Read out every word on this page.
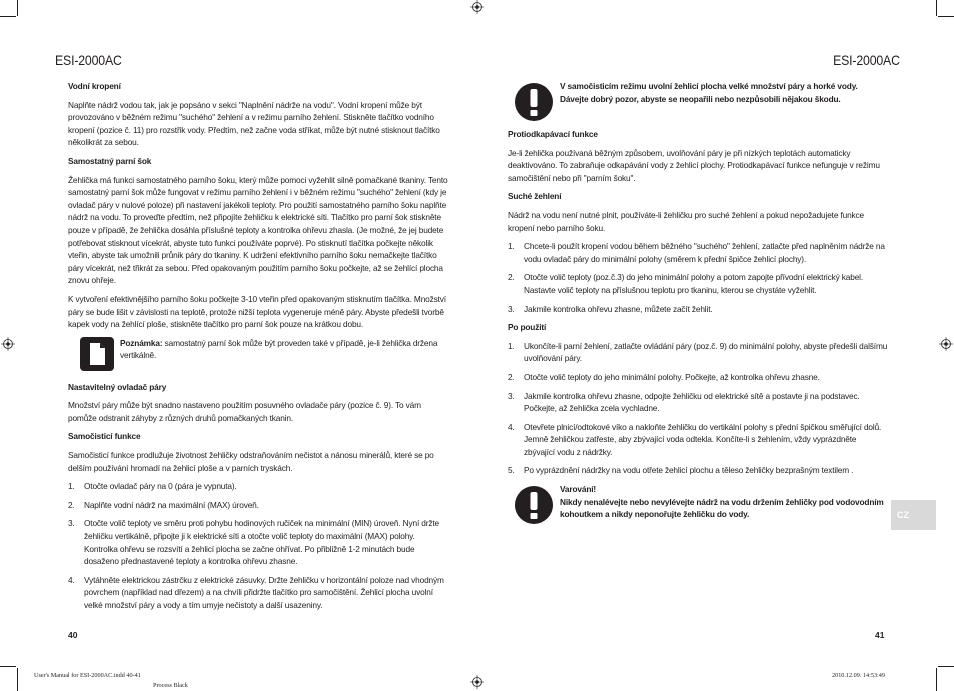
ESI-2000AC	ESI-2000AC
Vodní kropení

Naplňte nádrž vodou tak, jak je popsáno v sekci "Naplnění nádrže na vodu". Vodní kropení může být provozováno v běžném režimu "suchého" žehlení a v režimu parního žehlení. Stiskněte tlačítko vodního kropení (pozice č. 11) pro rozstřik vody. Předtím, než začne voda stříkat, může být nutné stisknout tlačítko několikrát za sebou.

Samostatný parní šok

Žehlička má funkci samostatného parního šoku, který může pomoci vyžehlit silně pomačkané tkaniny. Tento samostatný parní šok může fungovat v režimu parního žehlení i v běžném režimu "suchého" žehlení (kdy je ovladač páry v nulové poloze) při nastavení jakékoli teploty. Pro použití samostatného parního šoku naplňte nádrž na vodu. To proveďte předtím, než připojíte žehličku k elektrické síti. Tlačítko pro parní šok stiskněte pouze v případě, že žehlička dosáhla příslušné teploty a kontrolka ohřevu zhasla. (Je možné, že jej budete potřebovat stisknout vícekrát, abyste tuto funkci používáte poprvé). Po stisknutí tlačítka počkejte několik vteřin, abyste tak umožnili průnik páry do tkaniny. K udržení efektivního parního šoku nemačkejte tlačítko páry vícekrát, než třikrát za sebou. Před opakovaným použitím parního šoku počkejte, až se žehlící plocha znovu ohřeje.

K vytvoření efektivnějšího parního šoku počkejte 3-10 vteřin před opakovaným stisknutím tlačítka. Množství páry se bude lišit v závislosti na teplotě, protože nižší teplota vygeneruje méně páry. Abyste předešli tvorbě kapek vody na žehlící ploše, stiskněte tlačítko pro parní šok pouze na krátkou dobu.

Poznámka: samostatný parní šok může být proveden také v případě, je-li žehlička držena vertikálně.
Nastavitelný ovladač páry

Množství páry může být snadno nastaveno použitím posuvného ovladače páry (pozice č. 9). To vám pomůže odstranit záhyby z různých druhů pomačkaných tkanin.

Samočisticí funkce

Samočisticí funkce prodlužuje životnost žehličky odstraňováním nečistot a nánosu minerálů, které se po delším používání hromadí na žehlicí ploše a v parních tryskách.

1. Otočte ovladač páry na 0 (pára je vypnuta).
2. Naplňte vodní nádrž na maximální (MAX) úroveň.
3. Otočte volič teploty ve směru proti pohybu hodinových ručiček na minimální (MIN) úroveň. Nyní držte žehličku vertikálně, připojte ji k elektrické síti a otočte volič teploty do maximální (MAX) polohy. Kontrolka ohřevu se rozsvítí a žehlicí plocha se začne ohřívat. Po přibližně 1-2 minutách bude dosaženo přednastavené teploty a kontrolka ohřevu zhasne.
4. Vytáhněte elektrickou zástrčku z elektrické zásuvky. Držte žehličku v horizontální poloze nad vhodným povrchem (například nad dřezem) a na chvíli přidržte tlačítko pro samočištění. Žehlicí plocha uvolní velké množství páry a vody a tím umyje nečistoty a další usazeniny.
40
V samočisticím režimu uvolní žehlicí plocha velké množství páry a horké vody. Dávejte dobrý pozor, abyste se neopařili nebo nezpůsobili nějakou škodu.
Protiodkapávací funkce

Je-li žehlička používaná běžným způsobem, uvolňování páry je při nízkých teplotách automaticky deaktivováno. To zabraňuje odkapávání vody z žehlicí plochy. Protiodkapávací funkce nefunguje v režimu samočištění nebo při "parním šoku".

Suché žehlení

Nádrž na vodu není nutné plnit, používáte-li žehličku pro suché žehlení a pokud nepožadujete funkce kropení nebo parního šoku.

1. Chcete-li použít kropení vodou během běžného "suchého" žehlení, zatlačte před naplněním nádrže na vodu ovladač páry do minimální polohy (směrem k přední špičce žehlicí plochy).
2. Otočte volič teploty (poz.č.3) do jeho minimální polohy a potom zapojte přívodní elektrický kabel. Nastavte volič teploty na příslušnou teplotu pro tkaninu, kterou se chystáte vyžehlit.
3. Jakmile kontrolka ohřevu zhasne, můžete začít žehlit.
Po použití
1. Ukončíte-li parní žehlení, zatlačte ovládání páry (poz.č. 9) do minimální polohy, abyste předešli dalšímu uvolňování páry.
2. Otočte volič teploty do jeho minimální polohy. Počkejte, až kontrolka ohřevu zhasne.
3. Jakmile kontrolka ohřevu zhasne, odpojte žehličku od elektrické sítě a postavte ji na podstavec. Počkejte, až žehlička zcela vychladne.
4. Otevřete plnicí/odtokové víko a nakloňte žehličku do vertikální polohy s přední špičkou směřující dolů. Jemně žehličkou zatřeste, aby zbývající voda odtekla. Končíte-li s žehlením, vždy vyprázdněte zbývající vodu z nádržky.
5. Po vyprázdnění nádržky na vodu otřete žehlicí plochu a těleso žehličky bezprašným textilem .
Varování!
Nikdy nenalévejte nebo nevylévejte nádrž na vodu držením žehličky pod vodovodním kohoutkem a nikdy neponořujte žehličku do vody.	CZ
41
User's Manual for ESI-2000AC.indd 40-41	2010.12.09. 14:53:49
Process Black
